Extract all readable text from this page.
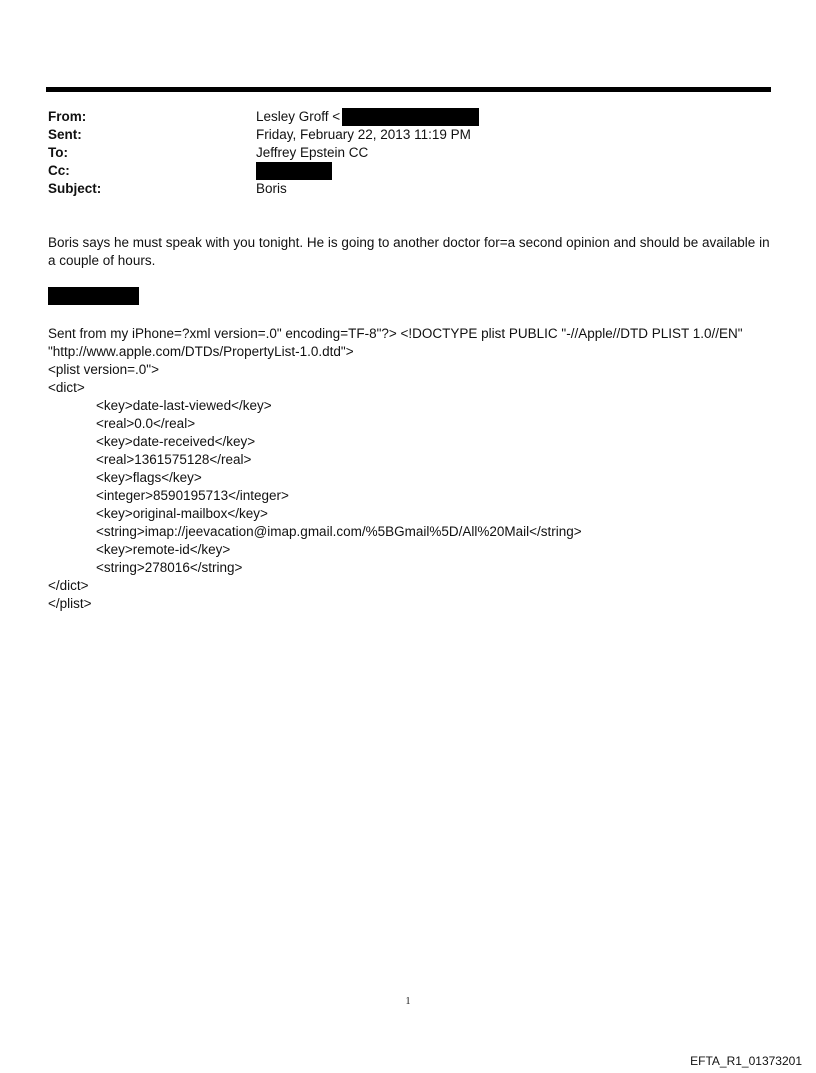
From:	Lesley Groff <
Sent:	Friday, February 22, 2013 11:19 PM
To:	Jeffrey Epstein CC
Cc:
Subject:	Boris

Boris says he must speak with you tonight. He is going to another doctor for=a second opinion and should be available in a couple of hours.

Sent from my iPhone=?xml version=.0" encoding=TF-8"?> <!DOCTYPE plist PUBLIC "-//Apple//DTD PLIST 1.0//EN"
"http://www.apple.com/DTDs/PropertyList-1.0.dtd">
<plist version=.0">
<dict>
<key>date-last-viewed</key>
<real>0.0</real>
<key>date-received</key>
<real>1361575128</real>
<key>flags</key>
<integer>8590195713</integer>
<key>original-mailbox</key>
<string>imap://jeevacation@imap.gmail.com/%5BGmail%5D/All%20Mail</string>
<key>remote-id</key>
<string>278016</string>
</dict>
</plist>
1
EFTA_R1_01373201
